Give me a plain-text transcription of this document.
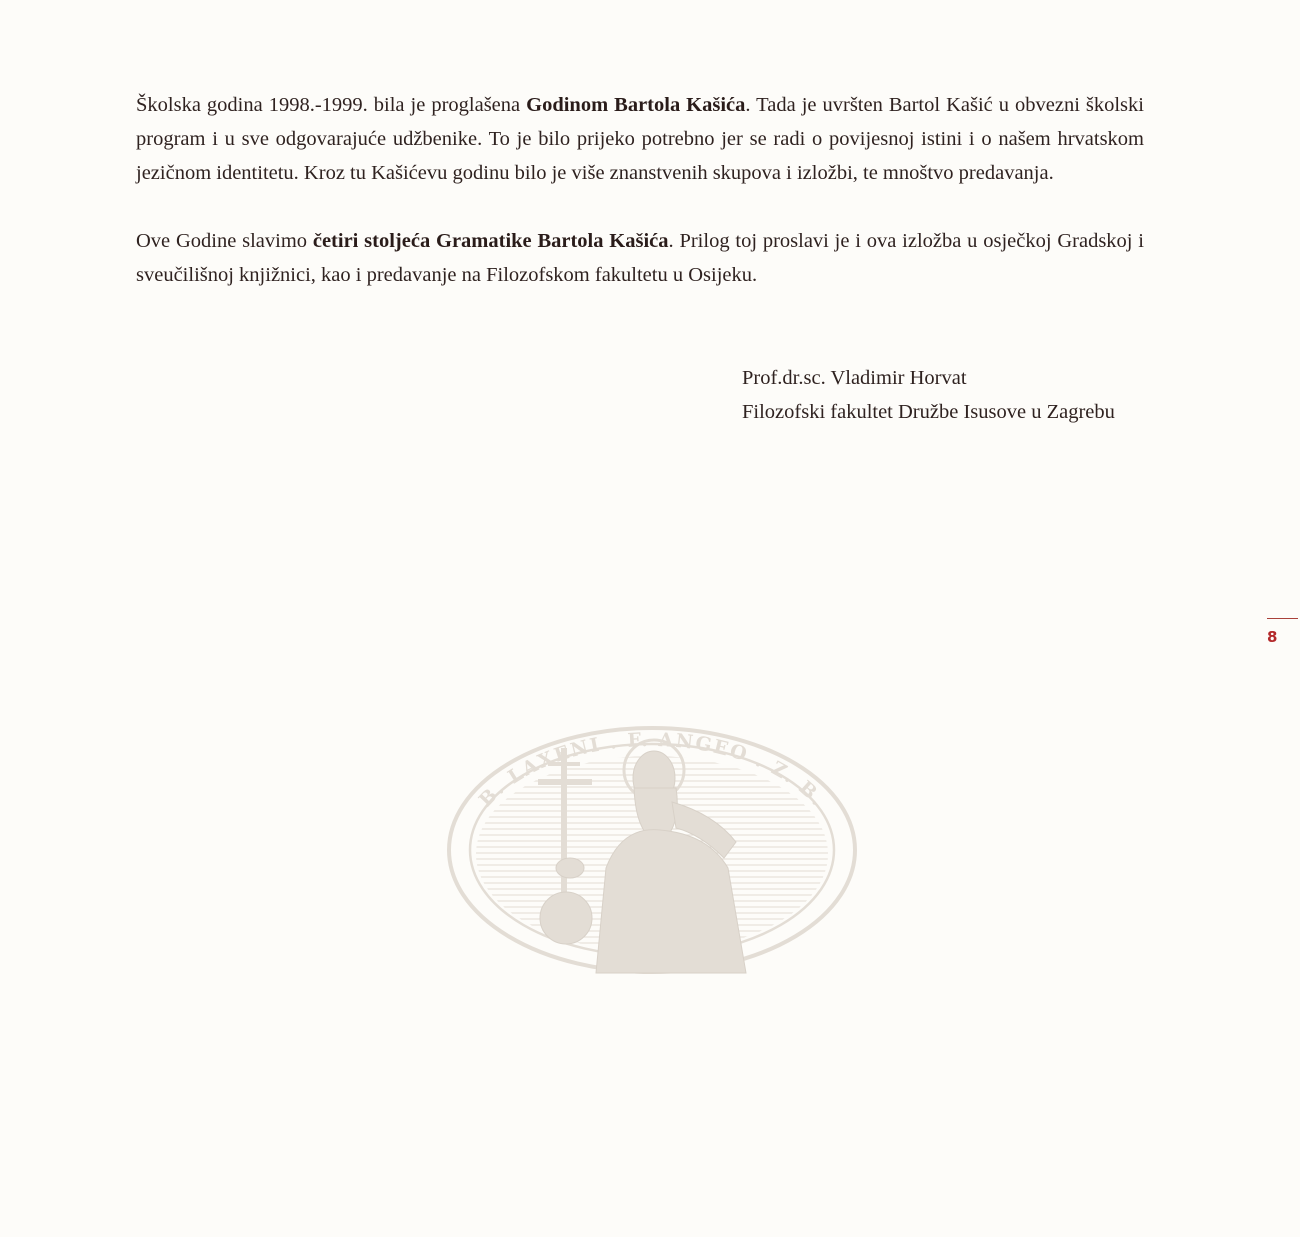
Školska godina 1998.-1999. bila je proglašena Godinom Bartola Kašića. Tada je uvršten Bartol Kašić u obvezni školski program i u sve odgovarajuće udžbenike. To je bilo prijeko potrebno jer se radi o povijesnoj istini i o našem hrvatskom jezičnom identitetu. Kroz tu Kašićevu godinu bilo je više znanstvenih skupova i izložbi, te mnoštvo predavanja.

Ove Godine slavimo četiri stoljeća Gramatike Bartola Kašića. Prilog toj proslavi je i ova izložba u osječkoj Gradskoj i sveučilišnoj knjižnici, kao i predavanje na Filozofskom fakultetu u Osijeku.

Prof.dr.sc. Vladimir Horvat
Filozofski fakultet Družbe Isusove u Zagrebu
8
B. LAXENI . F. ANGEO . Z. B.
